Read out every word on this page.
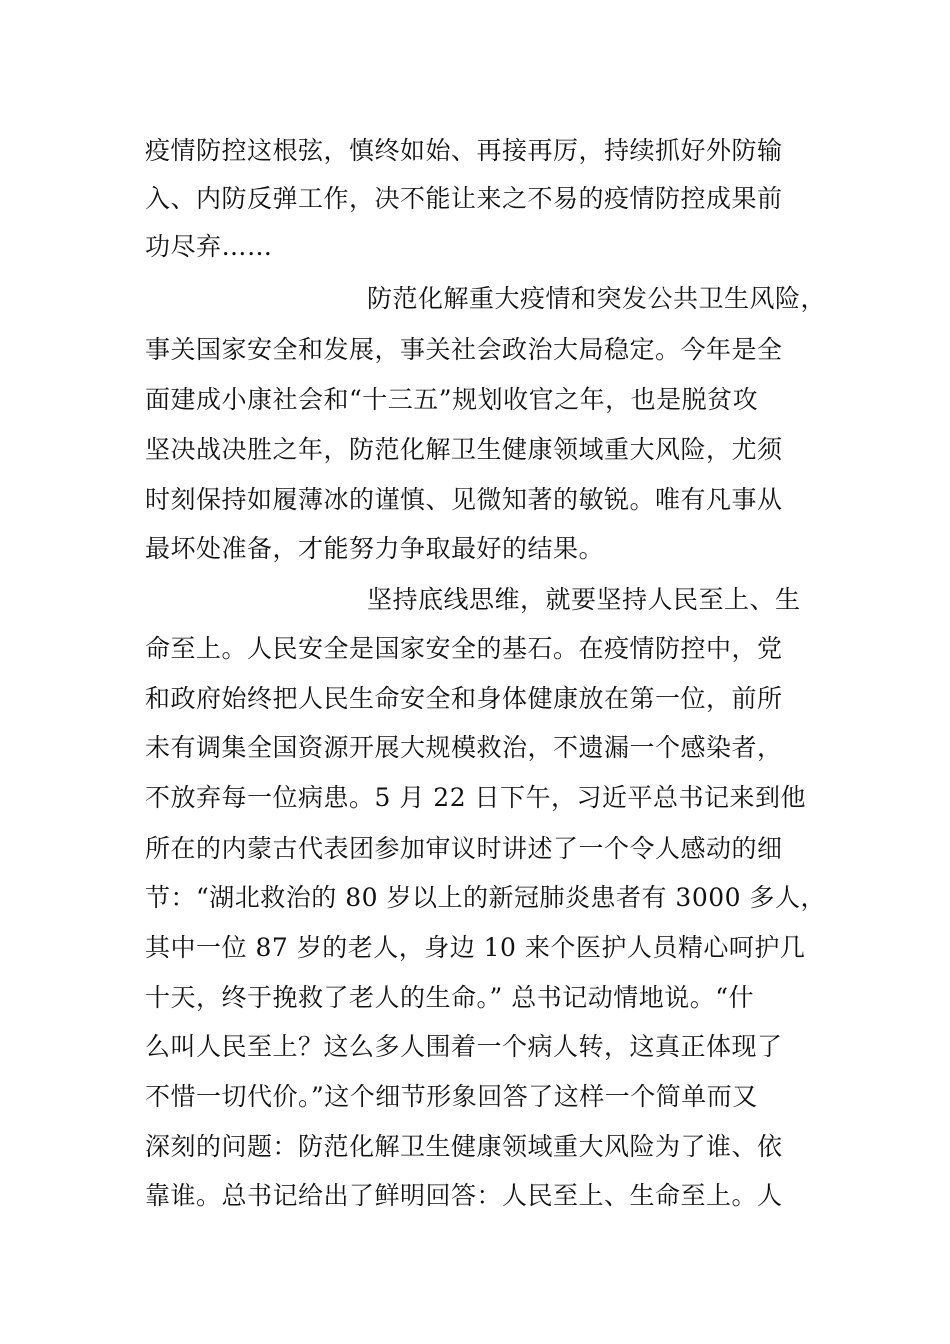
疫情防控这根弦，慎终如始、再接再厉，持续抓好外防输
入、内防反弹工作，决不能让来之不易的疫情防控成果前
功尽弃……
防范化解重大疫情和突发公共卫生风险，
事关国家安全和发展，事关社会政治大局稳定。今年是全
面建成小康社会和“十三五”规划收官之年，也是脱贫攻
坚决战决胜之年，防范化解卫生健康领域重大风险，尤须
时刻保持如履薄冰的谨慎、见微知著的敏锐。唯有凡事从
最坏处准备，才能努力争取最好的结果。
坚持底线思维，就要坚持人民至上、生
命至上。人民安全是国家安全的基石。在疫情防控中，党
和政府始终把人民生命安全和身体健康放在第一位，前所
未有调集全国资源开展大规模救治，不遗漏一个感染者，
不放弃每一位病患。5 月 22 日下午，习近平总书记来到他
所在的内蒙古代表团参加审议时讲述了一个令人感动的细
节：“湖北救治的 80 岁以上的新冠肺炎患者有 3000 多人，
其中一位 87 岁的老人，身边 10 来个医护人员精心呵护几
十天，终于挽救了老人的生命。” 总书记动情地说。“什
么叫人民至上？这么多人围着一个病人转，这真正体现了
不惜一切代价。”这个细节形象回答了这样一个简单而又
深刻的问题：防范化解卫生健康领域重大风险为了谁、依
靠谁。总书记给出了鲜明回答：人民至上、生命至上。人
